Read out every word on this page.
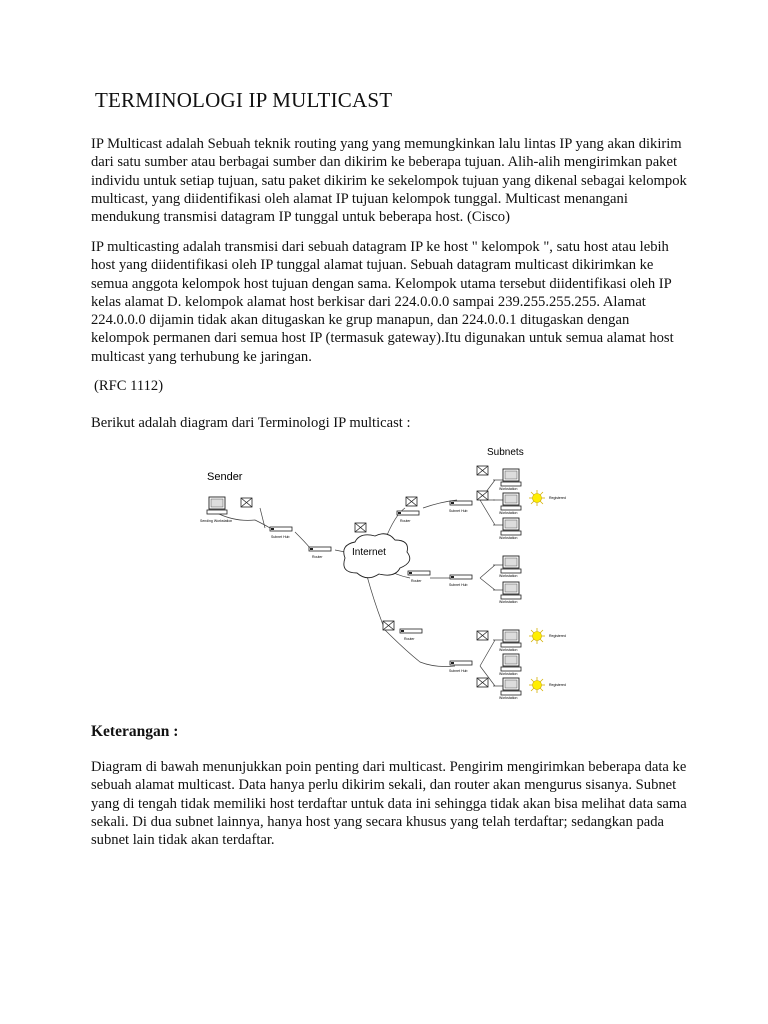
TERMINOLOGI IP MULTICAST

IP Multicast adalah Sebuah teknik routing yang yang memungkinkan lalu lintas IP yang akan dikirim dari satu sumber atau berbagai sumber dan dikirim ke beberapa tujuan. Alih-alih mengirimkan paket individu untuk setiap tujuan, satu paket dikirim ke sekelompok tujuan yang dikenal sebagai kelompok multicast, yang diidentifikasi oleh alamat IP tujuan kelompok tunggal. Multicast menangani mendukung transmisi datagram IP tunggal untuk beberapa host. (Cisco)

IP multicasting adalah transmisi dari sebuah datagram IP ke host " kelompok ", satu host atau lebih host yang diidentifikasi oleh IP tunggal alamat tujuan. Sebuah datagram multicast dikirimkan ke semua anggota kelompok host tujuan dengan sama. Kelompok utama tersebut diidentifikasi oleh IP kelas alamat D. kelompok alamat host berkisar dari 224.0.0.0 sampai 239.255.255.255. Alamat 224.0.0.0 dijamin tidak akan ditugaskan ke grup manapun, dan 224.0.0.1 ditugaskan dengan kelompok permanen dari semua host IP (termasuk gateway).Itu digunakan untuk semua alamat host multicast yang terhubung ke jaringan.

(RFC 1112)

Berikut adalah diagram dari Terminologi IP multicast :

Sender
Subnets
Sending Workstation
Subnet Hub
Router	Internet
Router
Subnet Hub
Workstation
Workstation
Registered
Workstation
Router
Subnet Hub
Workstation
Workstation
Router
Subnet Hub
Workstation
Registered
Workstation
Workstation
Registered
Keterangan :

Diagram di bawah menunjukkan poin penting dari multicast. Pengirim mengirimkan beberapa data ke sebuah alamat multicast. Data hanya perlu dikirim sekali, dan router akan mengurus sisanya. Subnet yang di tengah tidak memiliki host terdaftar untuk data ini sehingga tidak akan bisa melihat data sama sekali. Di dua subnet lainnya, hanya host yang secara khusus yang telah terdaftar; sedangkan pada subnet lain tidak akan terdaftar.
